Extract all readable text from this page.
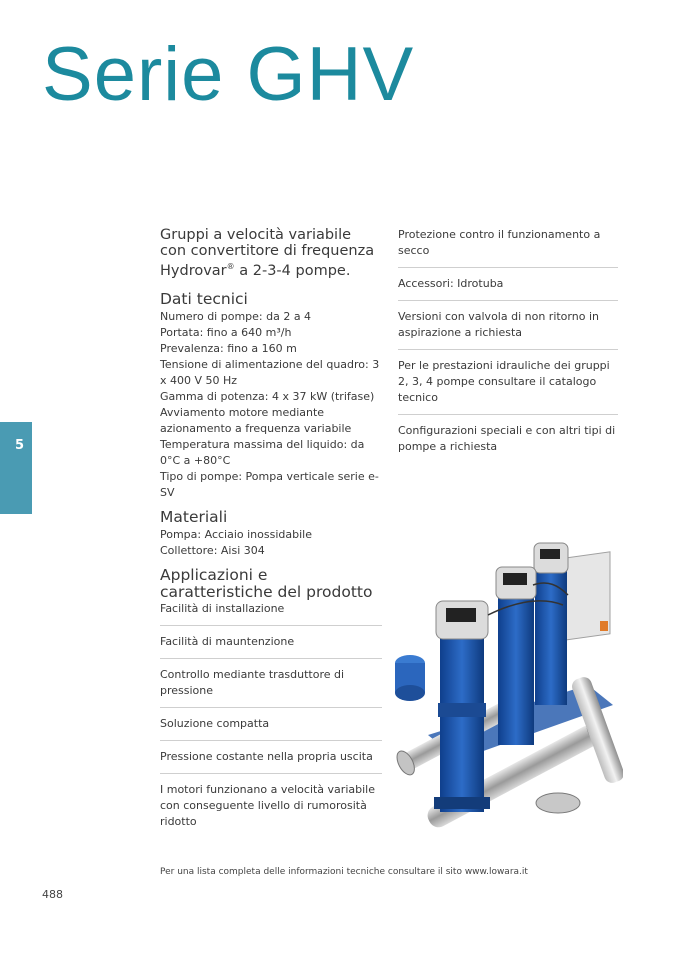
Serie GHV
5

Gruppi a velocità variabile
con convertitore di frequenza
Hydrovar® a 2-3-4 pompe.

Dati tecnici
Numero di pompe: da 2 a 4
Portata: fino a 640 m³/h
Prevalenza: fino a 160 m
Tensione di alimentazione del quadro: 3 x 400 V 50 Hz
Gamma di potenza: 4 x 37 kW (trifase)
Avviamento motore mediante azionamento a frequenza variabile
Temperatura massima del liquido: da 0°C a +80°C
Tipo di pompe: Pompa verticale serie e-SV
Materiali
Pompa: Acciaio inossidabile
Collettore: Aisi 304
Applicazioni e caratteristiche del prodotto
Facilità di installazione
Facilità di mauntenzione
Controllo mediante trasduttore di pressione
Soluzione compatta
Pressione costante nella propria uscita
I motori funzionano a velocità variabile con conseguente livello di rumorosità ridotto
Protezione contro il funzionamento a secco
Accessori: Idrotuba
Versioni con valvola di non ritorno in aspirazione a richiesta
Per le prestazioni idrauliche dei gruppi 2, 3, 4 pompe consultare il catalogo tecnico
Configurazioni speciali e con altri tipi di pompe a richiesta
Per una lista completa delle informazioni tecniche consultare il sito www.lowara.it
488
